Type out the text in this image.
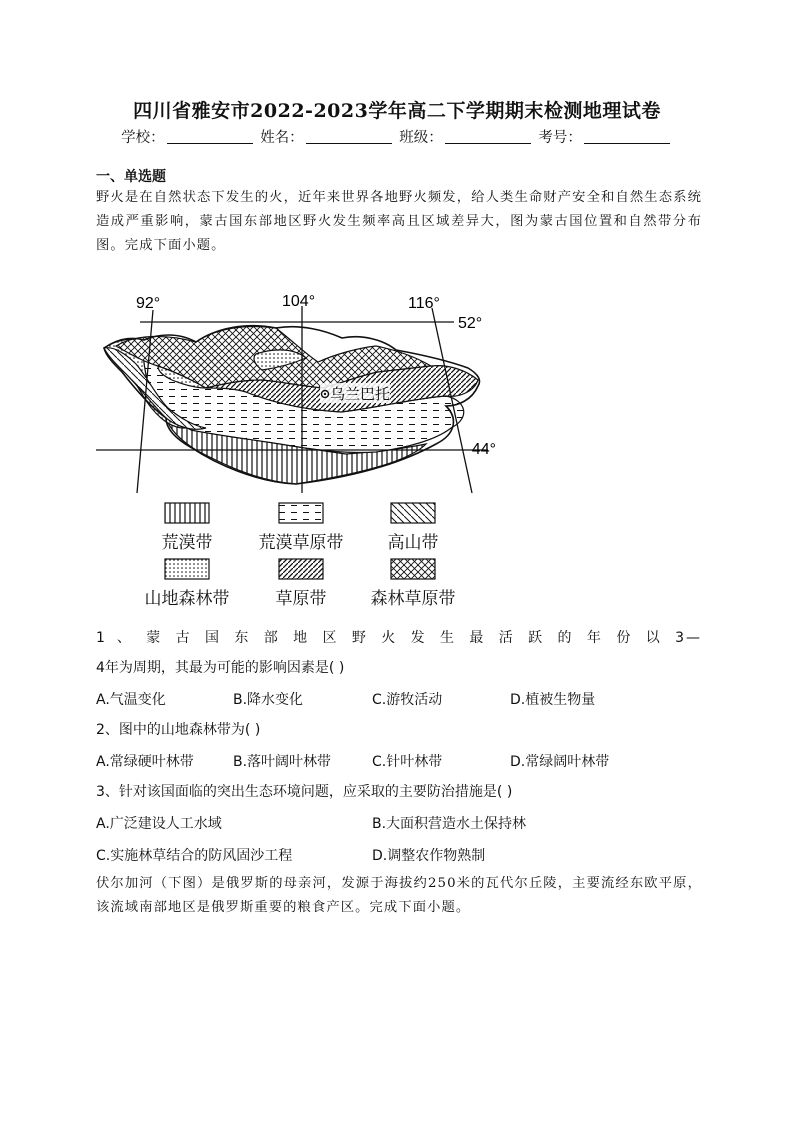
四川省雅安市2022-2023学年高二下学期期末检测地理试卷
学校：	姓名：	班级：	考号：
一、单选题
野火是在自然状态下发生的火，近年来世界各地野火频发，给人类生命财产安全和自然生态系统造成严重影响，蒙古国东部地区野火发生频率高且区域差异大，图为蒙古国位置和自然带分布图。完成下面小题。
92°	104°	116°
52°
44°
乌兰巴托
荒漠带	荒漠草原带	高山带
山地森林带	草原带	森林草原带
1 、 蒙 古 国 东 部 地 区 野 火 发 生 最 活 跃 的 年 份 以 3—
4年为周期，其最为可能的影响因素是( )
A.气温变化	B.降水变化	C.游牧活动	D.植被生物量
2、图中的山地森林带为( )
A.常绿硬叶林带	B.落叶阔叶林带	C.针叶林带	D.常绿阔叶林带
3、针对该国面临的突出生态环境问题，应采取的主要防治措施是( )
A.广泛建设人工水域	B.大面积营造水土保持林
C.实施林草结合的防风固沙工程	D.调整农作物熟制
伏尔加河（下图）是俄罗斯的母亲河，发源于海拔约250米的瓦代尔丘陵，主要流经东欧平原，该流域南部地区是俄罗斯重要的粮食产区。完成下面小题。
